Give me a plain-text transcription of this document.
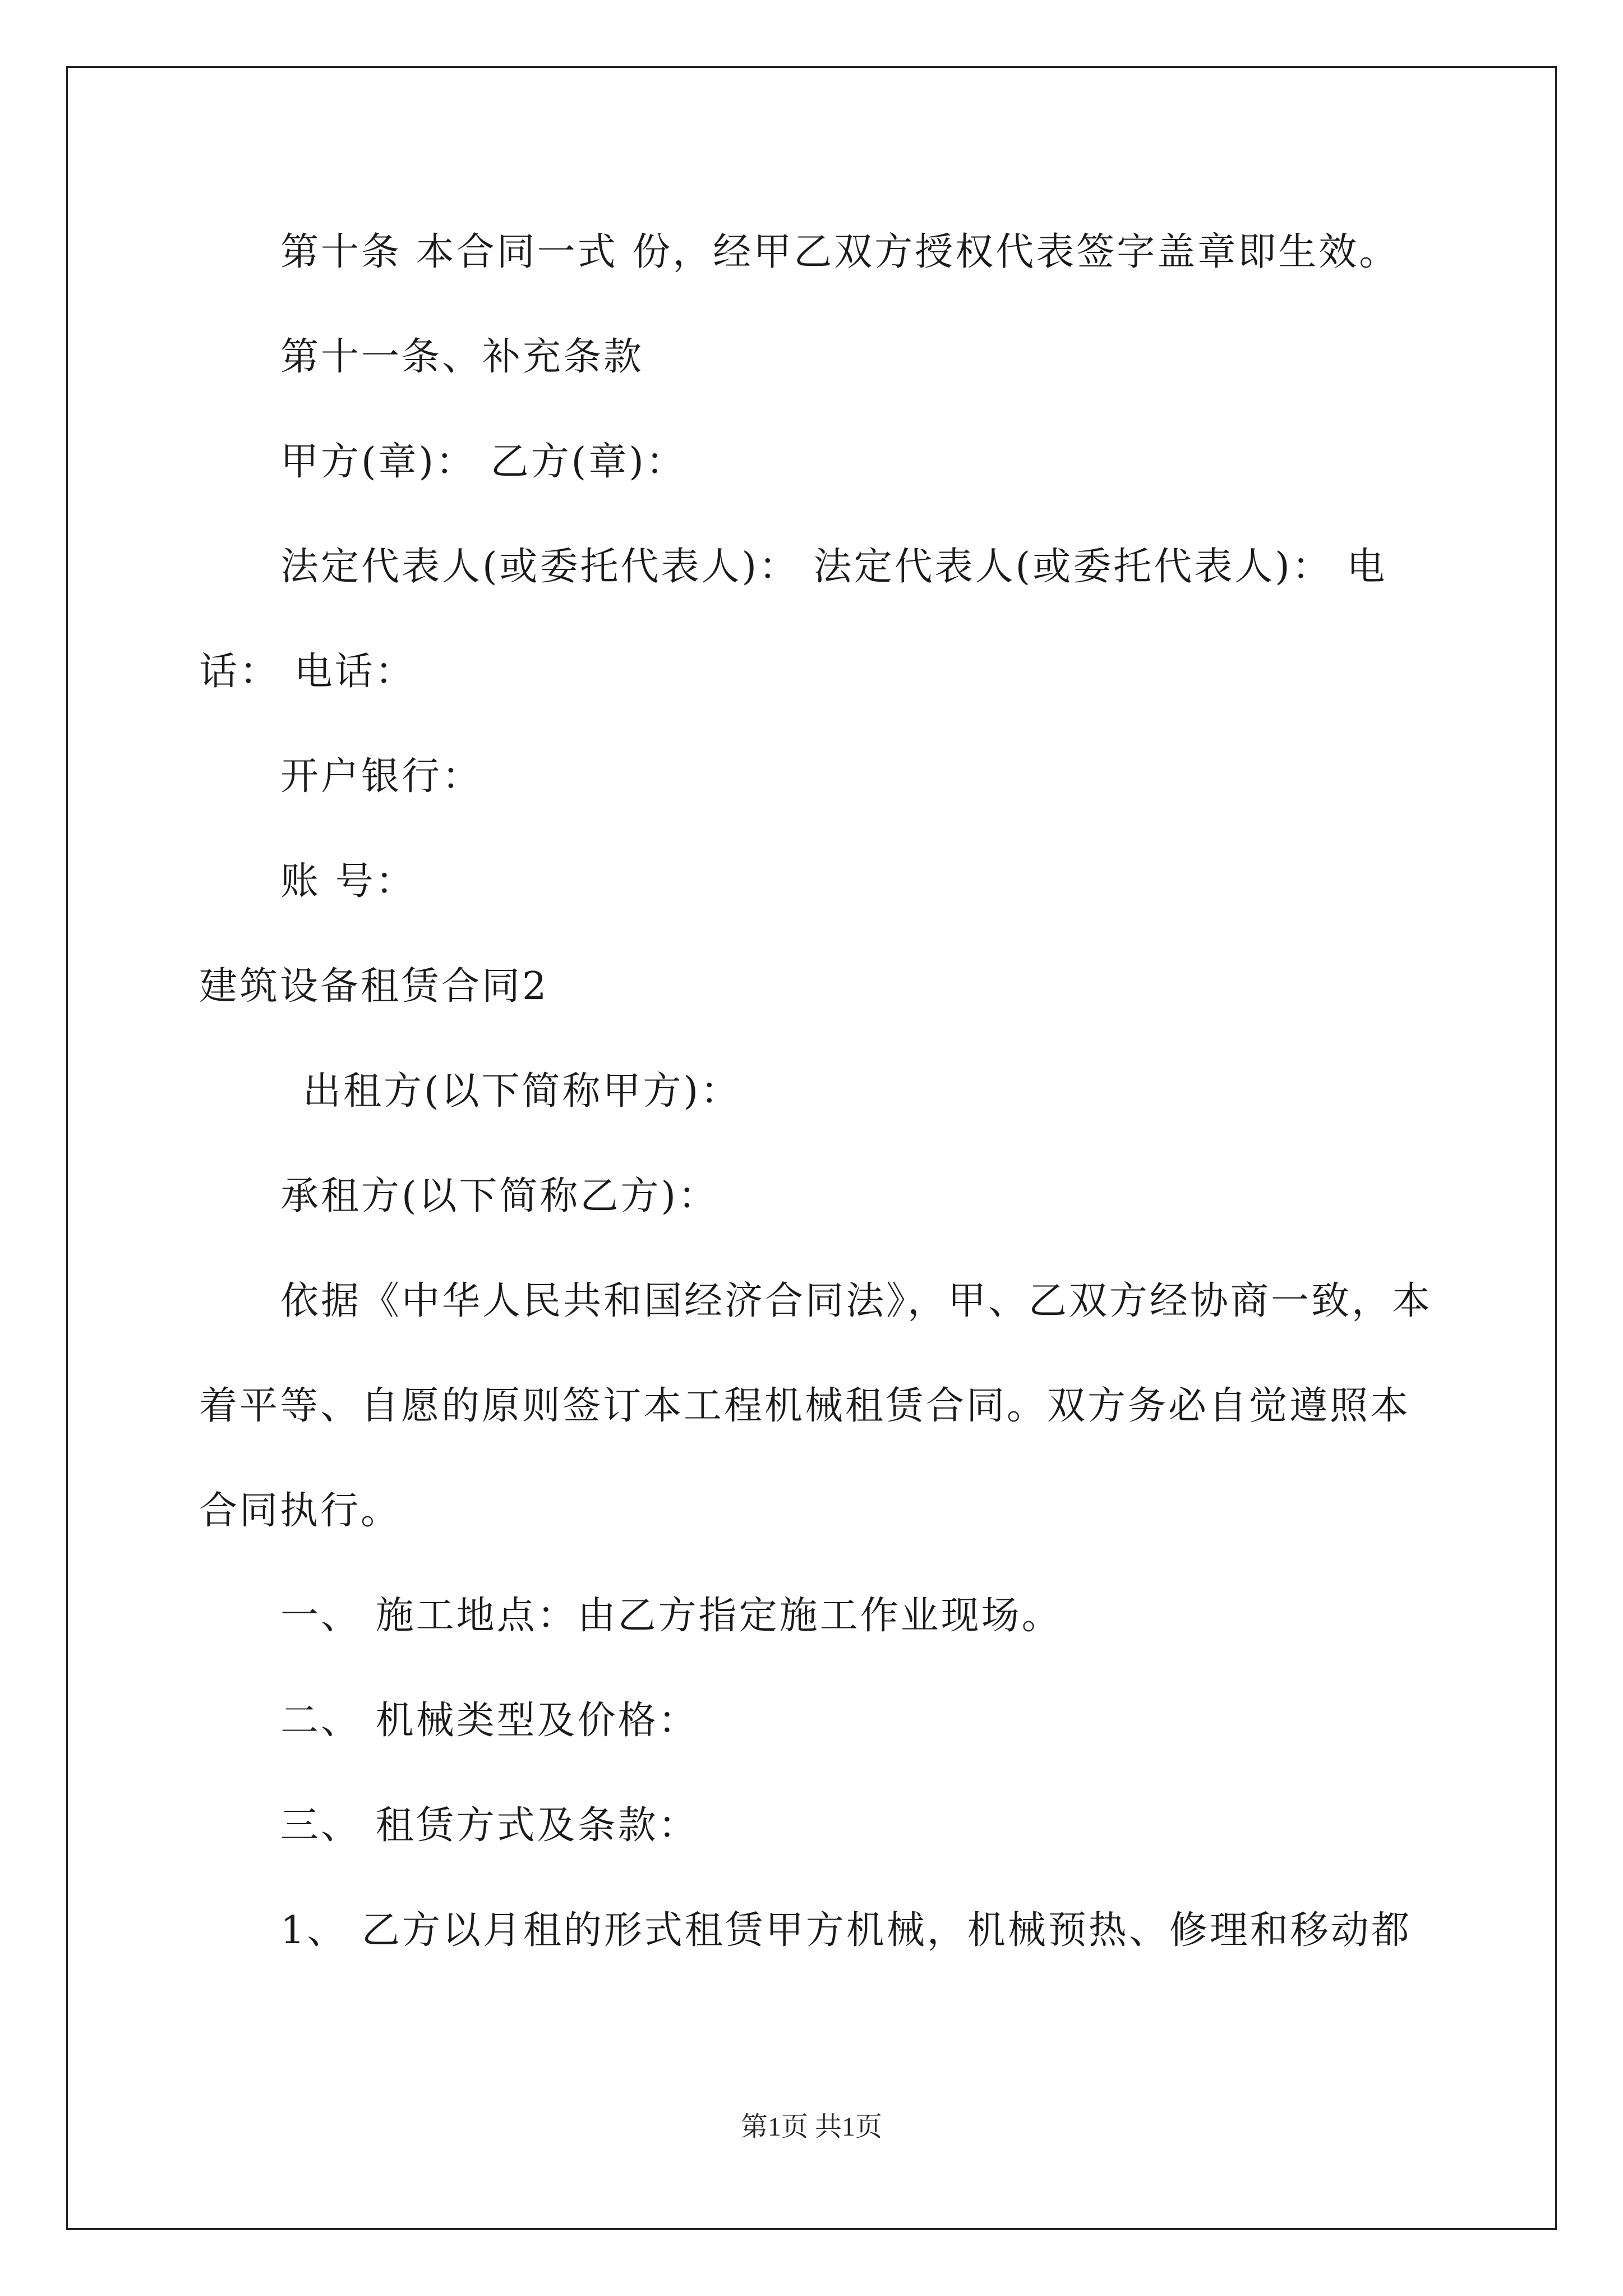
第十条 本合同一式 份，经甲乙双方授权代表签字盖章即生效。
第十一条、补充条款
甲方(章)： 乙方(章)：
法定代表人(或委托代表人)： 法定代表人(或委托代表人)： 电
话： 电话：
开户银行：
账 号：
建筑设备租赁合同2
出租方(以下简称甲方)：
承租方(以下简称乙方)：
依据《中华人民共和国经济合同法》，甲、乙双方经协商一致，本
着平等、自愿的原则签订本工程机械租赁合同。双方务必自觉遵照本
合同执行。
一、 施工地点：由乙方指定施工作业现场。
二、 机械类型及价格：
三、 租赁方式及条款：
1、 乙方以月租的形式租赁甲方机械，机械预热、修理和移动都
第1页 共1页
